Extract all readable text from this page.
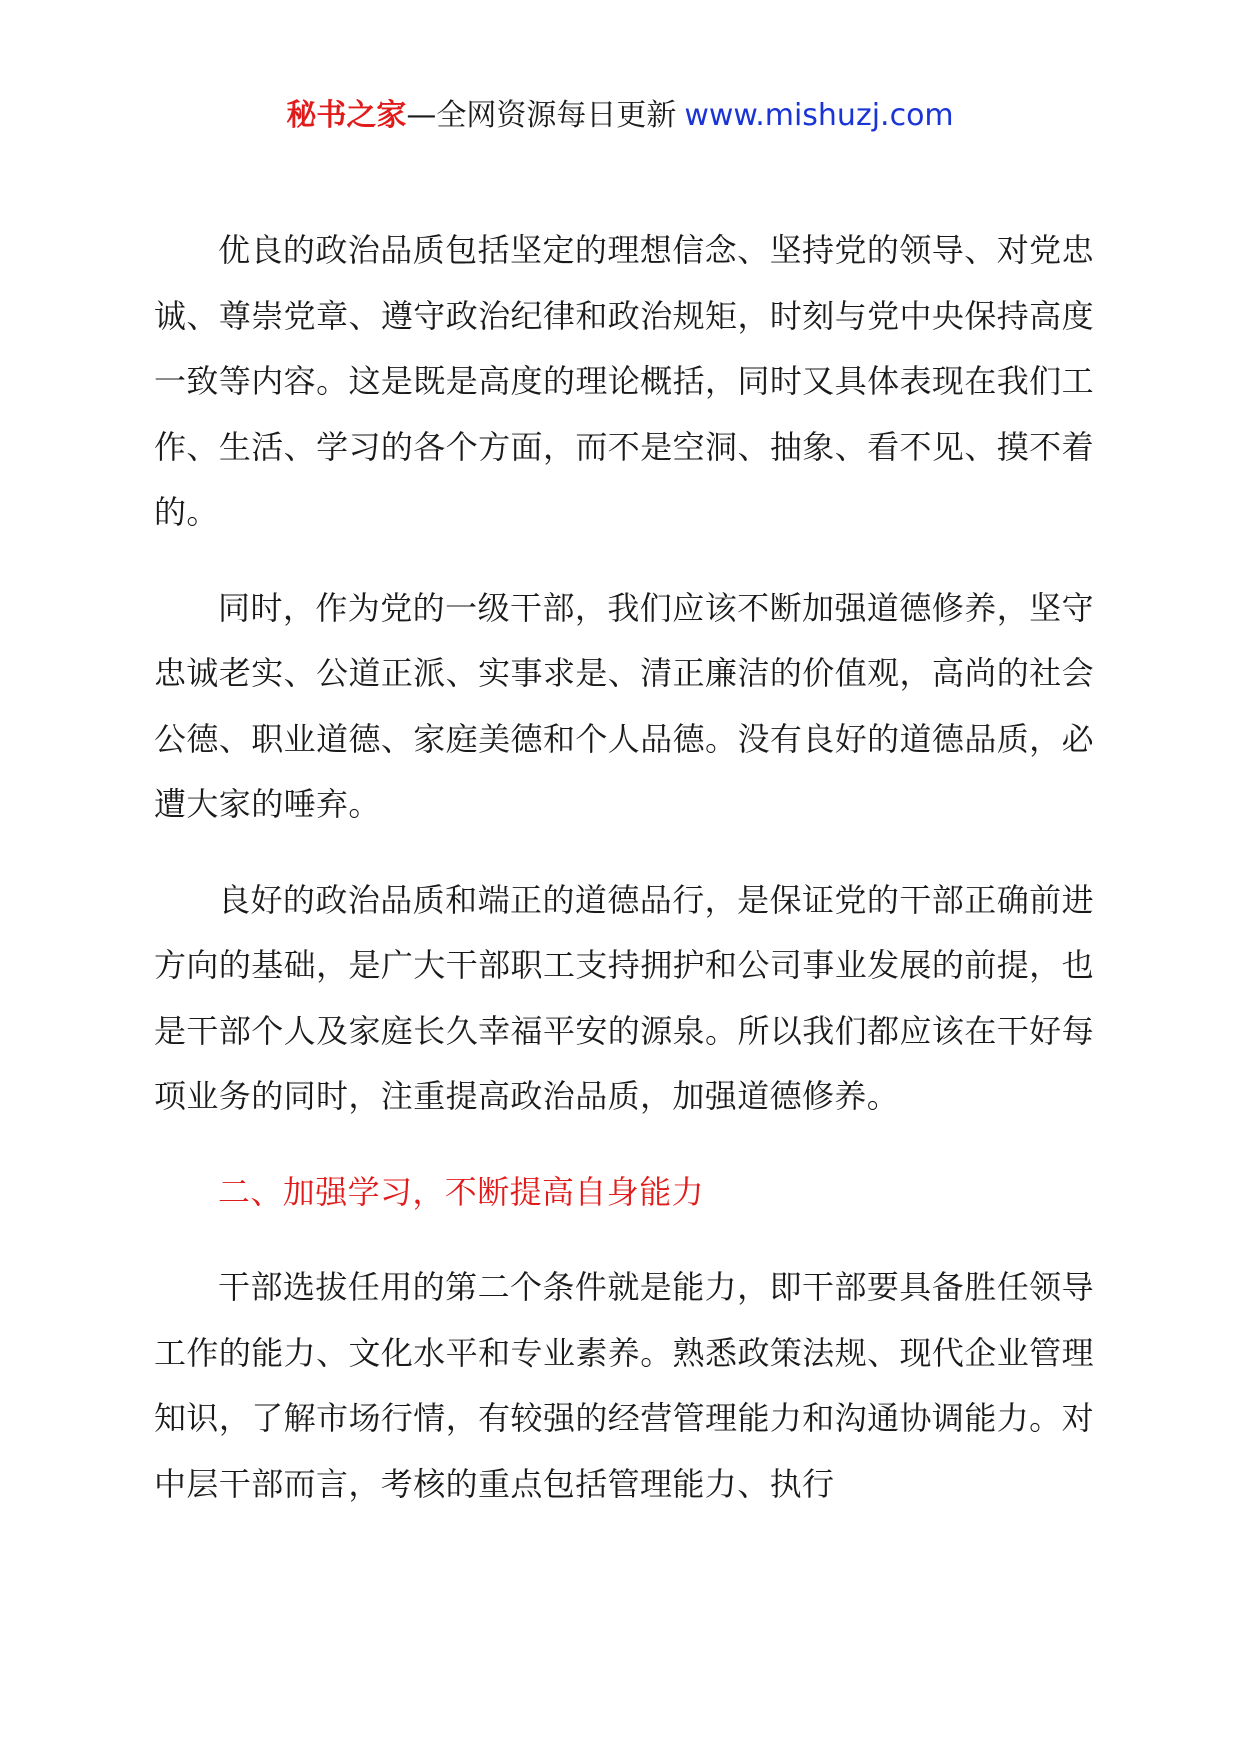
秘书之家—全网资源每日更新 www.mishuzj.com

优良的政治品质包括坚定的理想信念、坚持党的领导、对党忠诚、尊崇党章、遵守政治纪律和政治规矩，时刻与党中央保持高度一致等内容。这是既是高度的理论概括，同时又具体表现在我们工作、生活、学习的各个方面，而不是空洞、抽象、看不见、摸不着的。

同时，作为党的一级干部，我们应该不断加强道德修养，坚守忠诚老实、公道正派、实事求是、清正廉洁的价值观，高尚的社会公德、职业道德、家庭美德和个人品德。没有良好的道德品质，必遭大家的唾弃。

良好的政治品质和端正的道德品行，是保证党的干部正确前进方向的基础，是广大干部职工支持拥护和公司事业发展的前提，也是干部个人及家庭长久幸福平安的源泉。所以我们都应该在干好每项业务的同时，注重提高政治品质，加强道德修养。

二、加强学习，不断提高自身能力

干部选拔任用的第二个条件就是能力，即干部要具备胜任领导工作的能力、文化水平和专业素养。熟悉政策法规、现代企业管理知识，了解市场行情，有较强的经营管理能力和沟通协调能力。对中层干部而言，考核的重点包括管理能力、执行
